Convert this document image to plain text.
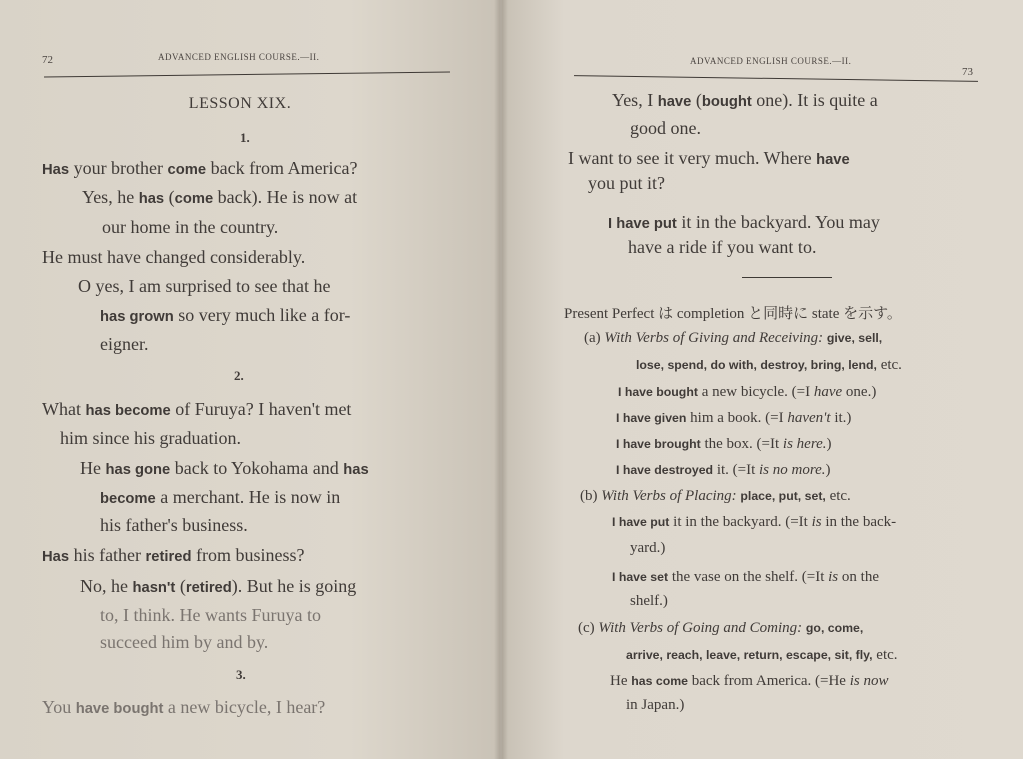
72	ADVANCED ENGLISH COURSE.—II.	ADVANCED ENGLISH COURSE.—II.
73
LESSON XIX.
1.
Has your brother come back from America?
Yes, he has (come back). He is now at
our home in the country.
He must have changed considerably.
O yes, I am surprised to see that he
has grown so very much like a for-
eigner.
2.
What has become of Furuya? I haven't met
him since his graduation.
He has gone back to Yokohama and has
become a merchant. He is now in
his father's business.
Has his father retired from business?
No, he hasn't (retired). But he is going
to, I think. He wants Furuya to
succeed him by and by.
3.
You have bought a new bicycle, I hear?
Yes, I have (bought one). It is quite a
good one.
I want to see it very much. Where have
you put it?
I have put it in the backyard. You may
have a ride if you want to.
Present Perfect は completion と同時に state を示す。
(a) With Verbs of Giving and Receiving: give, sell,
lose, spend, do with, destroy, bring, lend, etc.
I have bought a new bicycle. (=I have one.)
I have given him a book. (=I haven't it.)
I have brought the box. (=It is here.)
I have destroyed it. (=It is no more.)
(b) With Verbs of Placing: place, put, set, etc.
I have put it in the backyard. (=It is in the back-
yard.)
I have set the vase on the shelf. (=It is on the
shelf.)
(c) With Verbs of Going and Coming: go, come,
arrive, reach, leave, return, escape, sit, fly, etc.
He has come back from America. (=He is now
in Japan.)
